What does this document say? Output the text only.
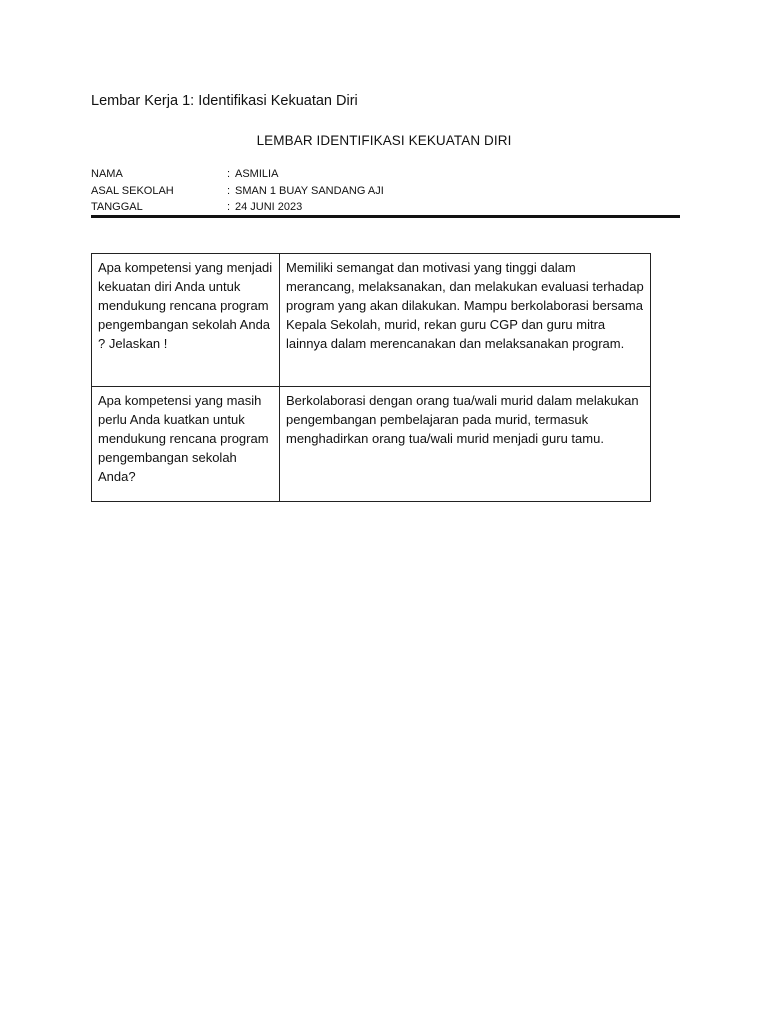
Lembar Kerja 1: Identifikasi Kekuatan Diri
LEMBAR IDENTIFIKASI KEKUATAN DIRI
NAMA	: ASMILIA
ASAL SEKOLAH	: SMAN 1 BUAY SANDANG AJI
TANGGAL	: 24 JUNI 2023
Apa kompetensi yang menjadi kekuatan diri Anda untuk mendukung rencana program pengembangan sekolah Anda ? Jelaskan !	Memiliki semangat dan motivasi yang tinggi dalam merancang, melaksanakan, dan melakukan evaluasi terhadap program yang akan dilakukan. Mampu berkolaborasi bersama Kepala Sekolah, murid, rekan guru CGP dan guru mitra lainnya dalam merencanakan dan melaksanakan program.
Apa kompetensi yang masih perlu Anda kuatkan untuk mendukung rencana program pengembangan sekolah Anda?	Berkolaborasi dengan orang tua/wali murid dalam melakukan pengembangan pembelajaran pada murid, termasuk menghadirkan orang tua/wali murid menjadi guru tamu.
